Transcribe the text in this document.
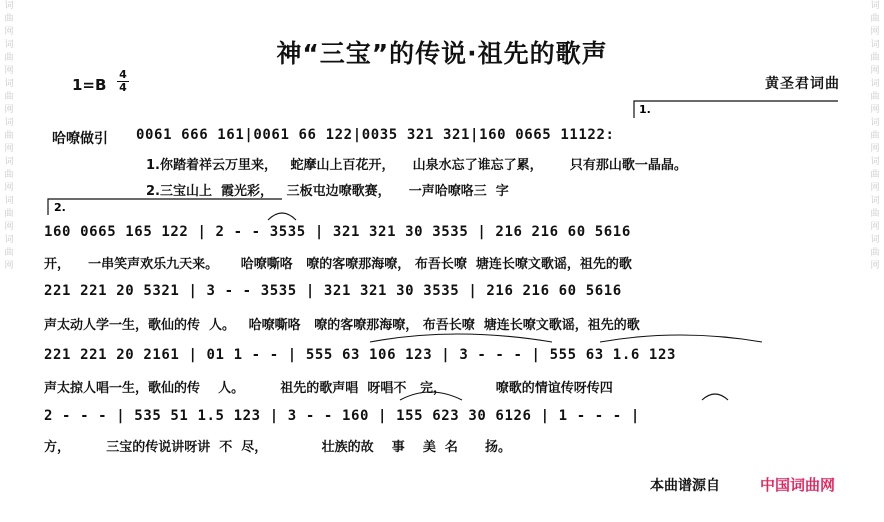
词曲网词曲网词曲网词曲网词曲网词曲网词曲网
词曲网词曲网词曲网词曲网词曲网词曲网词曲网
神“三宝”的传说·祖先的歌声
1=B
4
4	黄圣君词曲
哈嘹做引 0061 666 161|0061 66 122|0035 321 321|160 0665 11122:
1.你踏着祥云万里来，   蛇摩山上百花开，    山泉水忘了谁忘了累，      只有那山歌一晶晶。
2.三宝山上  霞光彩，   三板屯边嘹歌赛，    一声哈嘹咯三  字
160 0665 165 122 | 2 - - 3535 | 321 321 30 3535 | 216 216 60 5616
开，    一串笑声欢乐九天来。     哈嘹嘶咯   嘹的客嘹那海嘹， 布吾长嘹  塘连长嘹文歌谣，祖先的歌
221 221 20 5321 | 3 - - 3535 | 321 321 30 3535 | 216 216 60 5616
声太动人学一生，歌仙的传  人。   哈嘹嘶咯   嘹的客嘹那海嘹， 布吾长嘹  塘连长嘹文歌谣，祖先的歌
221 221 20 2161 | 01 1 - - | 555 63 106 123 | 3 - - - | 555 63 1.6 123
声太掠人唱一生，歌仙的传    人。        祖先的歌声唱  呀唱不   完，           嘹歌的情谊传呀传四
2 - - - | 535 51 1.5 123 | 3 - - 160 | 155 623 30 6126 | 1 - - - |
方，        三宝的传说讲呀讲  不  尽，            壮族的故    事    美  名      扬。
1.
2.
本曲谱源自	中国词曲网
